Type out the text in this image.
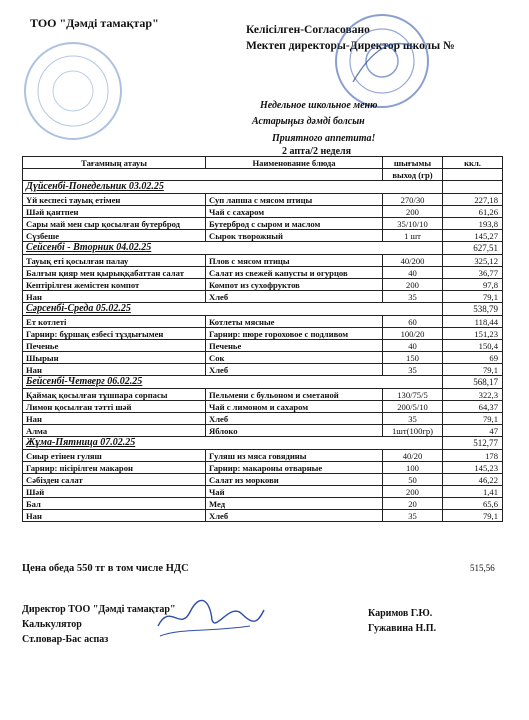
ТОО "Дәмді тамақтар"	Келісілген-Согласовано
Мектеп директоры-Директор школы №
Недельное школьное меню
Астарыңыз дәмді болсын
Приятного аппетита!
2 апта/2 неделя
Тағамның атауы	Наименование блюда	шығымы	ккл.
		выход (гр)	
Дүйсенбі-Понедельник 03.02.25			
Үй кеспесі тауық етімен	Суп лапша с мясом птицы	270/30	227,18
Шәй қантпен	Чай с сахаром	200	61,26
Сары май мен сыр қосылған бутерброд	Бутерброд с сыром и маслом	35/10/10	193,8
Сүзбеше	Сырок творожный	1 шт	145,27
Сейсенбі - Вторник 04.02.25			627,51
Тауық еті қосылған палау	Плов с мясом птицы	40/200	325,12
Балғын қияр мен қырыққабаттан салат	Салат из свежей капусты и огурцов	40	36,77
Кептірілген жемістен компот	Компот из сухофруктов	200	97,8
Нан	Хлеб	35	79,1
Сәрсенбі-Среда 05.02.25			538,79
Ет котлеті	Котлеты мясные	60	118,44
Гарнир: бұршақ езбесі тұздығымен	Гарнир: пюре гороховое с подливом	100/20	151,23
Печенье	Печенье	40	150,4
Шырын	Сок	150	69
Нан	Хлеб	35	79,1
Бейсенбі-Четверг 06.02.25			568,17
Қаймақ қосылған тұшпара сорпасы	Пельмени с бульоном и сметаной	130/75/5	322,3
Лимон қосылған тәтті шәй	Чай с лимоном и сахаром	200/5/10	64,37
Нан	Хлеб	35	79,1
Алма	Яблоко	1шт(100гр)	47
Жұма-Пятница 07.02.25			512,77
Сиыр етінен гуляш	Гуляш из мяса говядины	40/20	178
Гарнир: пісірілген макарон	Гарнир: макароны отварные	100	145,23
Сәбізден салат	Салат из моркови	50	46,22
Шәй	Чай	200	1,41
Бал	Мед	20	65,6
Нан	Хлеб	35	79,1
Цена обеда 550 тг в том числе НДС	515,56
Директор ТОО "Дәмді тамақтар"
Калькулятор
Ст.повар-Бас аспаз
Каримов Г.Ю.
Гужавина Н.П.
